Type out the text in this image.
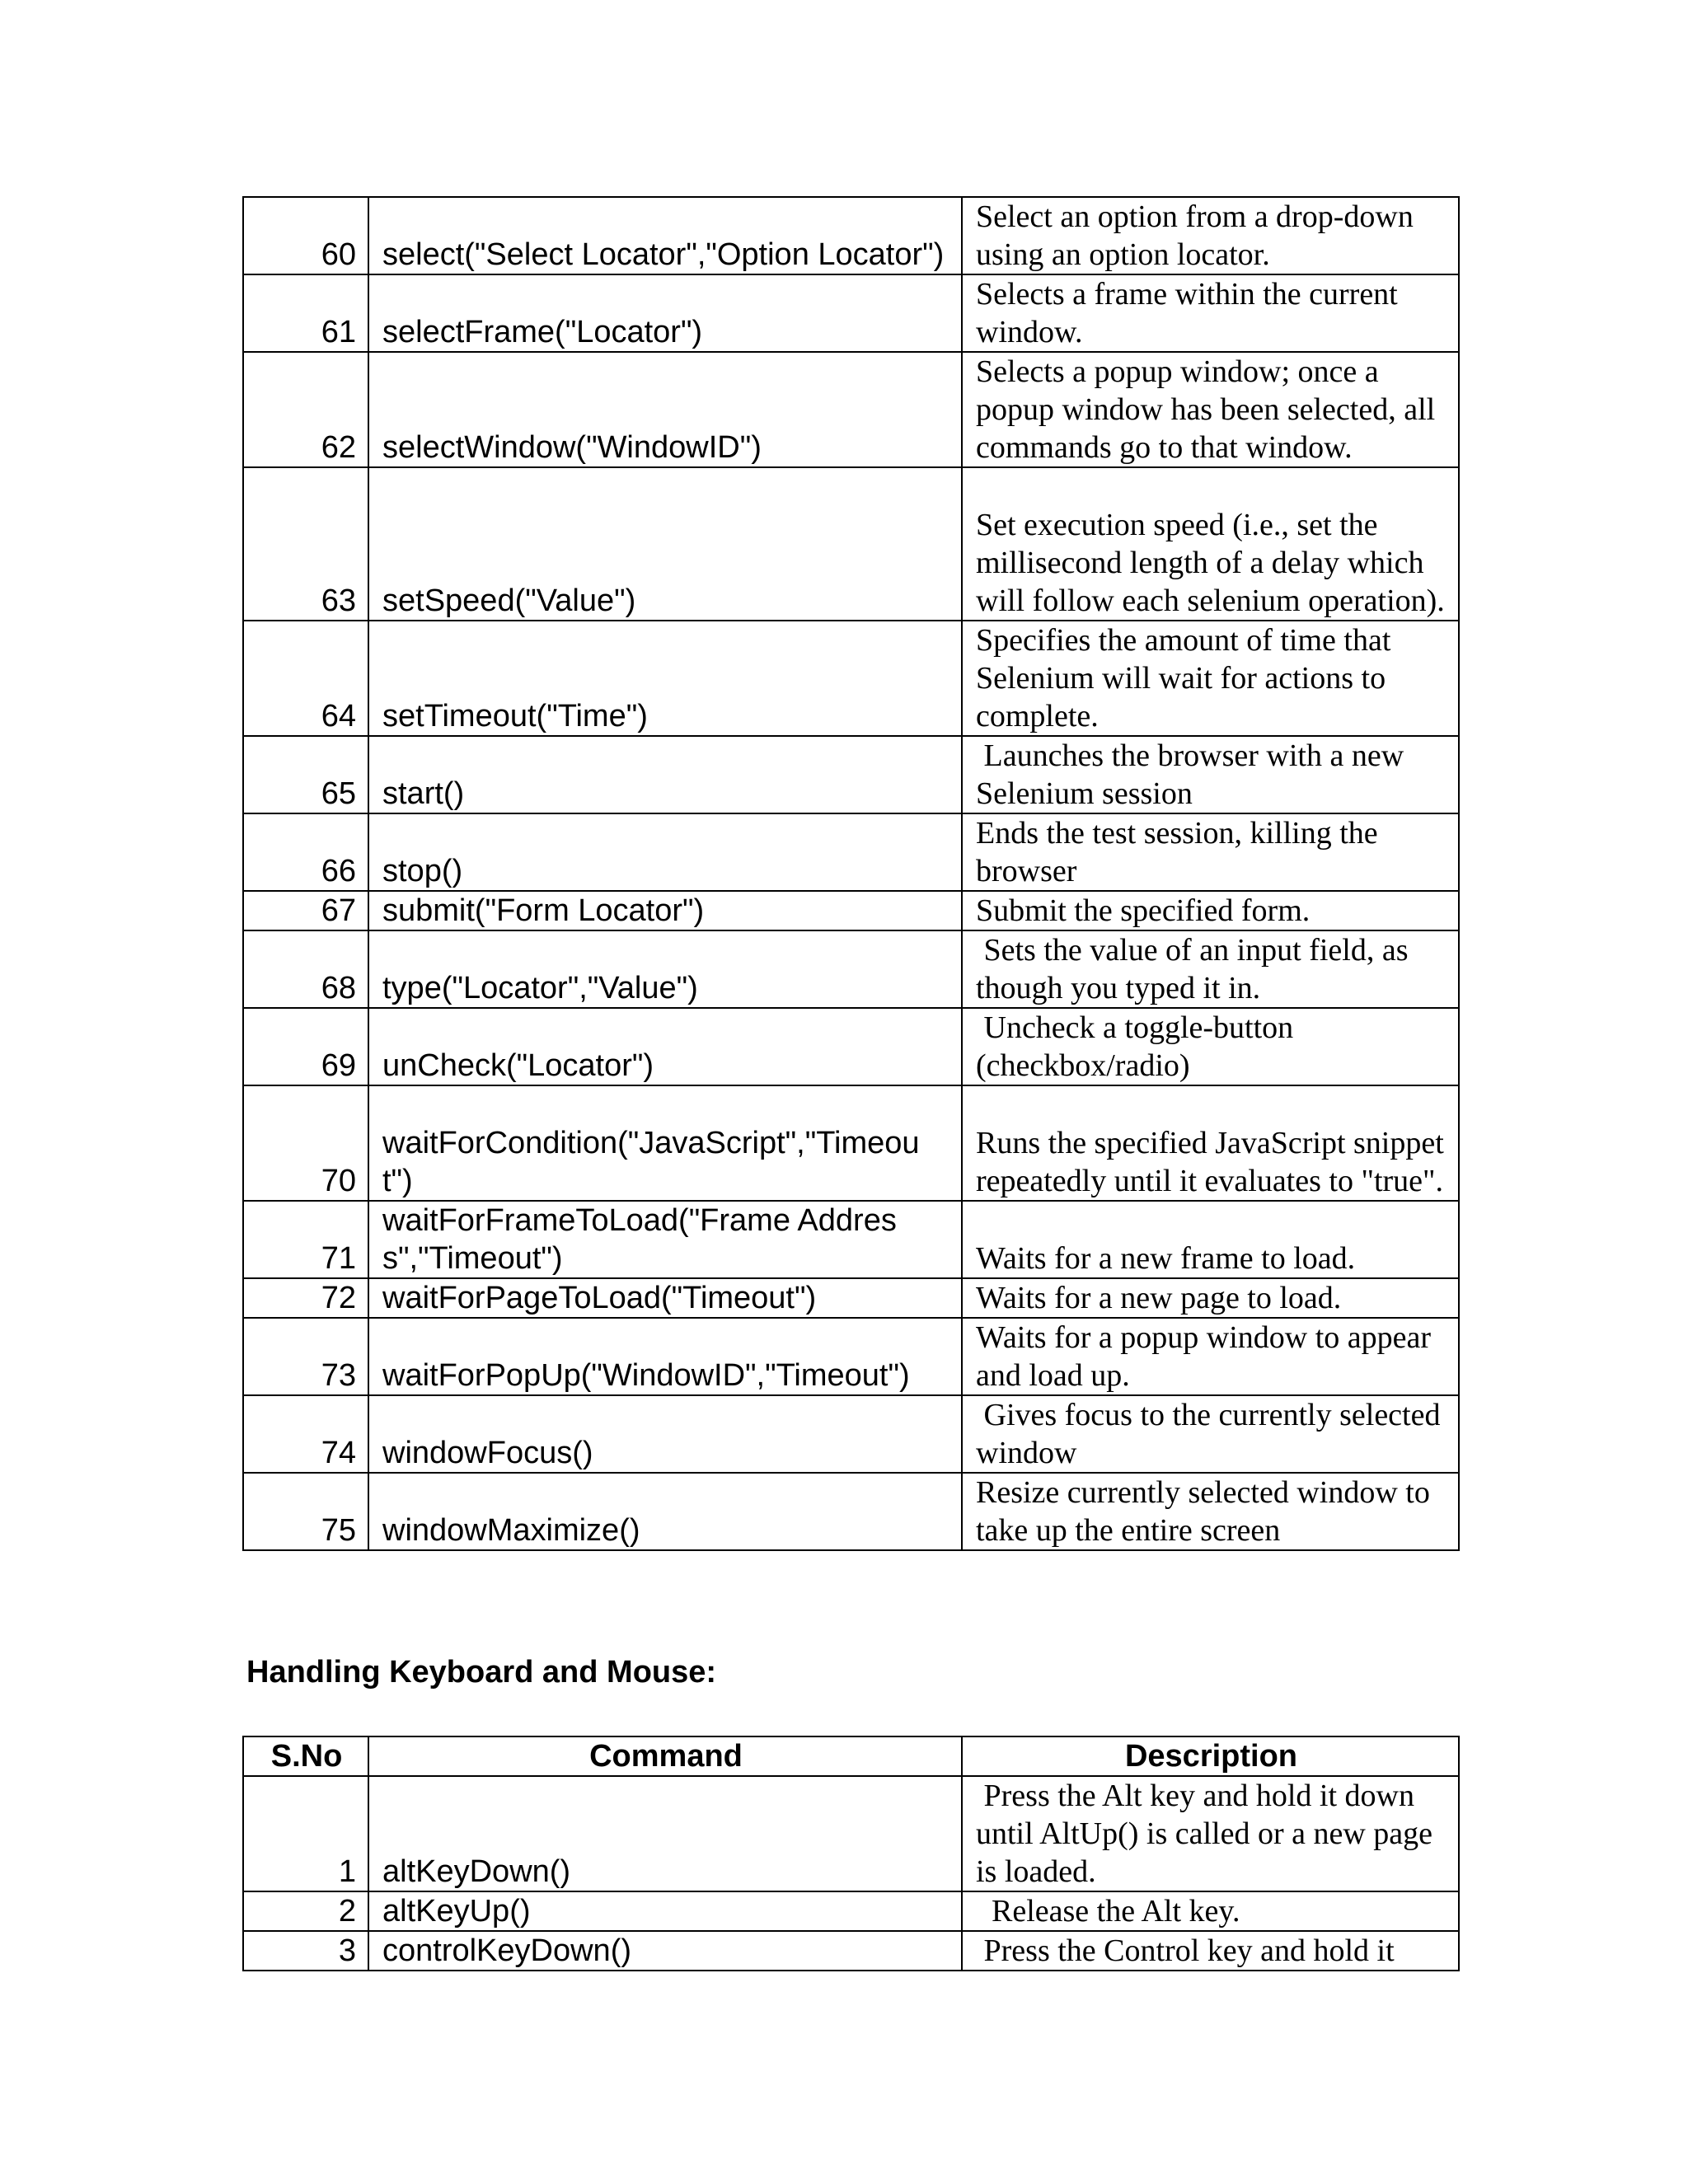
60	select("Select Locator","Option Locator")	Select an option from a drop-down using an option locator.
61	selectFrame("Locator")	Selects a frame within the current window.
62	selectWindow("WindowID")	Selects a popup window; once a popup window has been selected, all commands go to that window.
63	setSpeed("Value")	Set execution speed (i.e., set the millisecond length of a delay which will follow each selenium operation).
64	setTimeout("Time")	Specifies the amount of time that Selenium will wait for actions to complete.
65	start()	Launches the browser with a new Selenium session
66	stop()	Ends the test session, killing the browser
67	submit("Form Locator")	Submit the specified form.
68	type("Locator","Value")	Sets the value of an input field, as though you typed it in.
69	unCheck("Locator")	Uncheck a toggle-button (checkbox/radio)
70	waitForCondition("JavaScript","Timeout")	Runs the specified JavaScript snippet repeatedly until it evaluates to "true".
71	waitForFrameToLoad("Frame Address","Timeout")	Waits for a new frame to load.
72	waitForPageToLoad("Timeout")	Waits for a new page to load.
73	waitForPopUp("WindowID","Timeout")	Waits for a popup window to appear and load up.
74	windowFocus()	Gives focus to the currently selected window
75	windowMaximize()	Resize currently selected window to take up the entire screen
Handling Keyboard and Mouse:
S.No	Command	Description
1	altKeyDown()	Press the Alt key and hold it down until AltUp() is called or a new page is loaded.
2	altKeyUp()	Release the Alt key.
3	controlKeyDown()	Press the Control key and hold it
